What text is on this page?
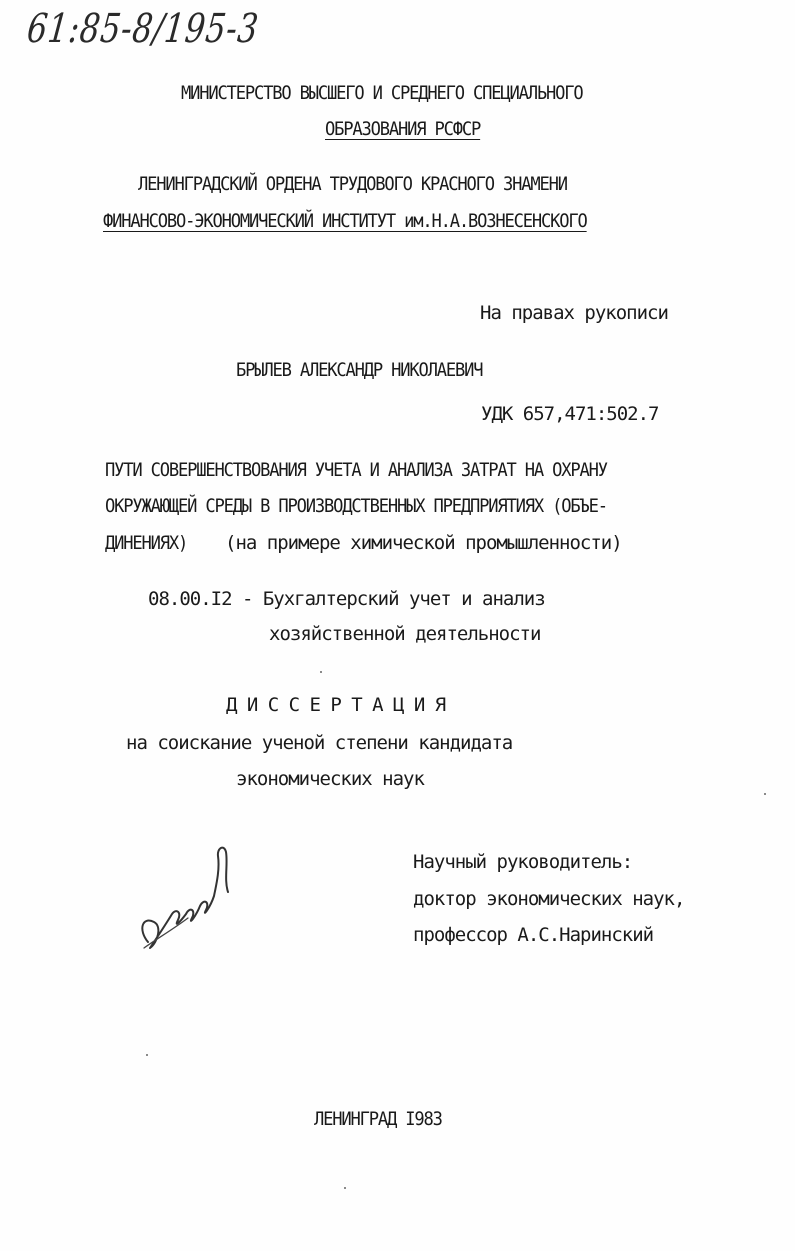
61:85-8/195-3
МИНИСТЕРСТВО ВЫСШЕГО И СРЕДНЕГО СПЕЦИАЛЬНОГО
ОБРАЗОВАНИЯ РСФСР
ЛЕНИНГРАДСКИЙ ОРДЕНА ТРУДОВОГО КРАСНОГО ЗНАМЕНИ
ФИНАНСОВО-ЭКОНОМИЧЕСКИЙ ИНСТИТУТ им.Н.А.ВОЗНЕСЕНСКОГО
На правах рукописи
БРЫЛЕВ АЛЕКСАНДР НИКОЛАЕВИЧ
УДК 657,471:502.7
ПУТИ СОВЕРШЕНСТВОВАНИЯ УЧЕТА И АНАЛИЗА ЗАТРАТ НА ОХРАНУ
ОКРУЖАЮЩЕЙ СРЕДЫ В ПРОИЗВОДСТВЕННЫХ ПРЕДПРИЯТИЯХ (ОБЪЕ-
ДИНЕНИЯХ) (на примере химической промышленности)
08.00.I2 - Бухгалтерский учет и анализ
хозяйственной деятельности
Д И С С Е Р Т А Ц И Я
на соискание ученой степени кандидата
экономических наук
Научный руководитель:
доктор экономических наук,
профессор А.С.Наринский
ЛЕНИНГРАД I983
